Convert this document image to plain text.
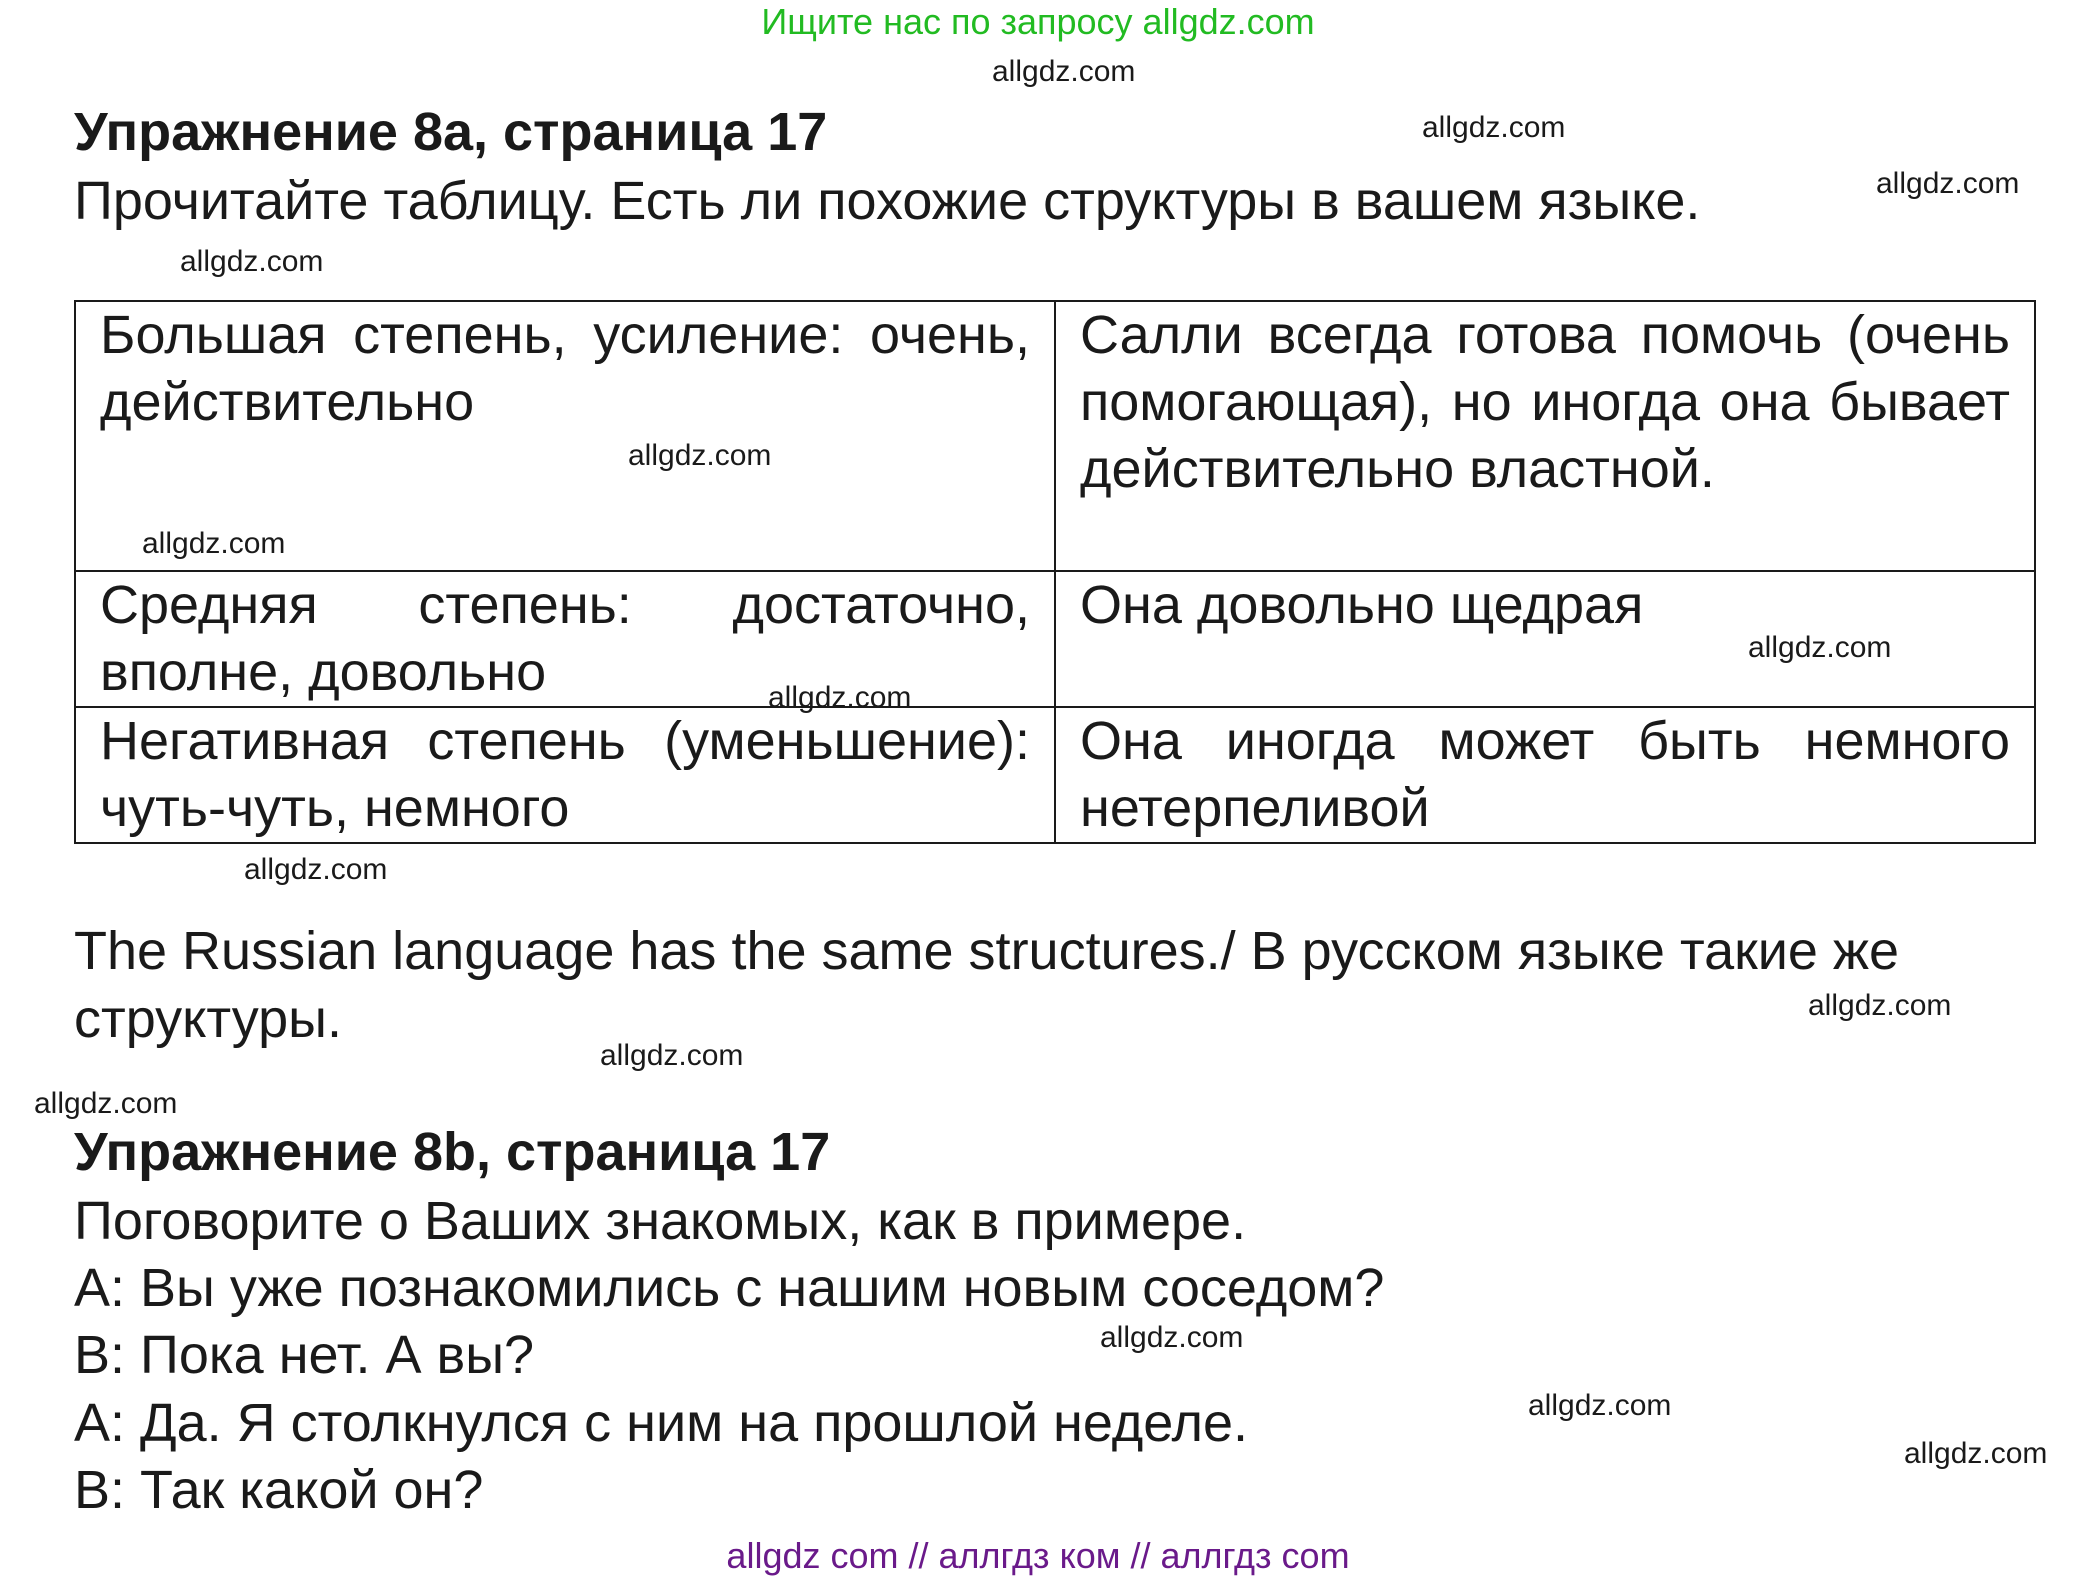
Ищите нас по запросу allgdz.com
allgdz.com
allgdz.com
allgdz.com
allgdz.com
allgdz.com
allgdz.com
allgdz.com
allgdz.com
allgdz.com
allgdz.com
allgdz.com
allgdz.com
allgdz.com
allgdz.com
allgdz.com
Упражнение 8a, страница 17
Прочитайте таблицу. Есть ли похожие структуры в вашем языке.
Большая степень, усиление: очень, действительно	Салли всегда готова помочь (очень помогающая), но иногда она бывает действительно властной.
Средняя степень: достаточно, вполне, довольно	Она довольно щедрая
Негативная степень (уменьшение): чуть-чуть, немного	Она иногда может быть немного нетерпеливой
The Russian language has the same structures./ В русском языке такие же
структуры.
Упражнение 8b, страница 17
Поговорите о Ваших знакомых, как в примере.
A: Вы уже познакомились с нашим новым соседом?
B: Пока нет. А вы?
A: Да. Я столкнулся с ним на прошлой неделе.
B: Так какой он?
allgdz com // аллгдз ком // аллгдз com
